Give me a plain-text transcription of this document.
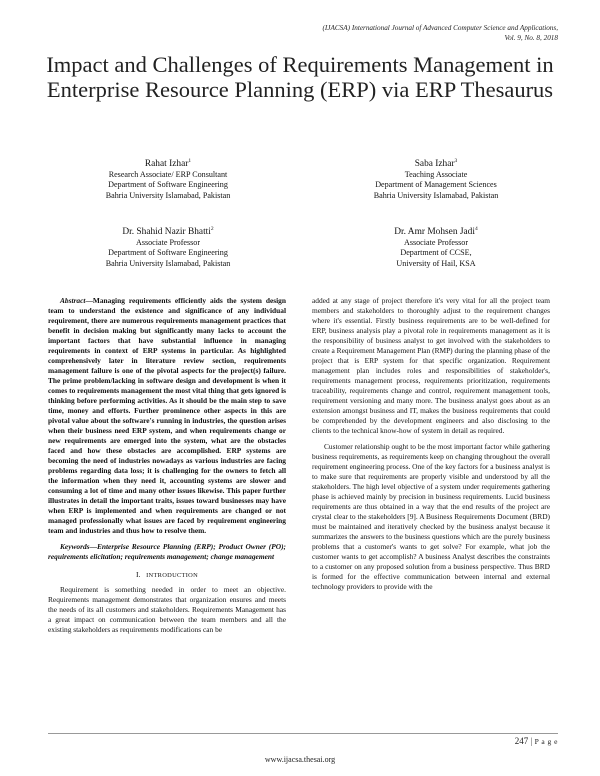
(IJACSA) International Journal of Advanced Computer Science and Applications,
Vol. 9, No. 8, 2018
Impact and Challenges of Requirements Management in Enterprise Resource Planning (ERP) via ERP Thesaurus
Rahat Izhar$^1$
Research Associate/ ERP Consultant
Department of Software Engineering
Bahria University Islamabad, Pakistan
Saba Izhar$^3$
Teaching Associate
Department of Management Sciences
Bahria University Islamabad, Pakistan
Dr. Shahid Nazir Bhatti$^2$
Associate Professor
Department of Software Engineering
Bahria University Islamabad, Pakistan
Dr. Amr Mohsen Jadi$^4$
Associate Professor
Department of CCSE,
University of Hail, KSA

Abstract—Managing requirements efficiently aids the system design team to understand the existence and significance of any individual requirement, there are numerous requirements management practices that benefit in decision making but significantly many lacks to account the important factors that have substantial influence in managing requirements in context of ERP systems in particular. As highlighted comprehensively later in literature review section, requirements management failure is one of the pivotal aspects for the project(s) failure. The prime problem/lacking in software design and development is when it comes to requirements management the most vital thing that gets ignored is thinking before performing activities. As it should be the main step to save time, money and efforts. Further prominence other aspects in this are pivotal value about the software's running in industries, the question arises when their business need ERP system, and when requirements change or new requirements are emerged into the system, what are the obstacles faced and how these obstacles are accomplished. ERP systems are becoming the need of industries nowadays as various industries are facing problems regarding data loss; it is challenging for the owners to fetch all the information when they need it, accounting systems are slower and consuming a lot of time and many other issues likewise. This paper further illustrates in detail the important traits, issues toward businesses may have when ERP is implemented and when requirements are changed or not managed professionally what issues are faced by requirement engineering team and industries and thus how to resolve them.

Keywords—Enterprise Resource Planning (ERP); Product Owner (PO); requirements elicitation; requirements management; change management

I. INTRODUCTION

Requirement is something needed in order to meet an objective. Requirements management demonstrates that organization ensures and meets the needs of its all customers and stakeholders. Requirements Management has a great impact on communication between the team members and all the existing stakeholders as requirements modifications can be

added at any stage of project therefore it's very vital for all the project team members and stakeholders to thoroughly adjust to the requirement changes where it's essential. Firstly business requirements are to be well-defined for ERP, business analysis play a pivotal role in requirements management as it is the responsibility of business analyst to get involved with the stakeholders to create a Requirement Management Plan (RMP) during the planning phase of the project that is ERP system for that specific organization. Requirement management plan includes roles and responsibilities of stakeholder's, requirements management process, requirements prioritization, requirements traceability, requirements change and control, requirement management tools, requirement versioning and many more. The business analyst goes about as an extension amongst business and IT, makes the business requirements that could be comprehended by the development engineers and also disclosing to the clients to the technical know-how of system in detail as required.

Customer relationship ought to be the most important factor while gathering business requirements, as requirements keep on changing throughout the overall requirement engineering process. One of the key factors for a business analyst is to make sure that requirements are properly visible and understood by all the stakeholders. The high level objective of a system under requirements gathering phase is achieved mainly by precision in business requirements. Lucid business requirements are thus obtained in a way that the end results of the project are crystal clear to the stakeholders [9]. A Business Requirements Document (BRD) must be maintained and iteratively checked by the business analyst because it summarizes the answers to the business questions which are the purely business problems that a customer's wants to get solve? For example, what job the customer wants to get accomplish? A business Analyst describes the constraints to a customer on any proposed solution from a business perspective. Thus BRD is formed for the effective communication between internal and external technology providers to provide with the

247 | P a g e
www.ijacsa.thesai.org
